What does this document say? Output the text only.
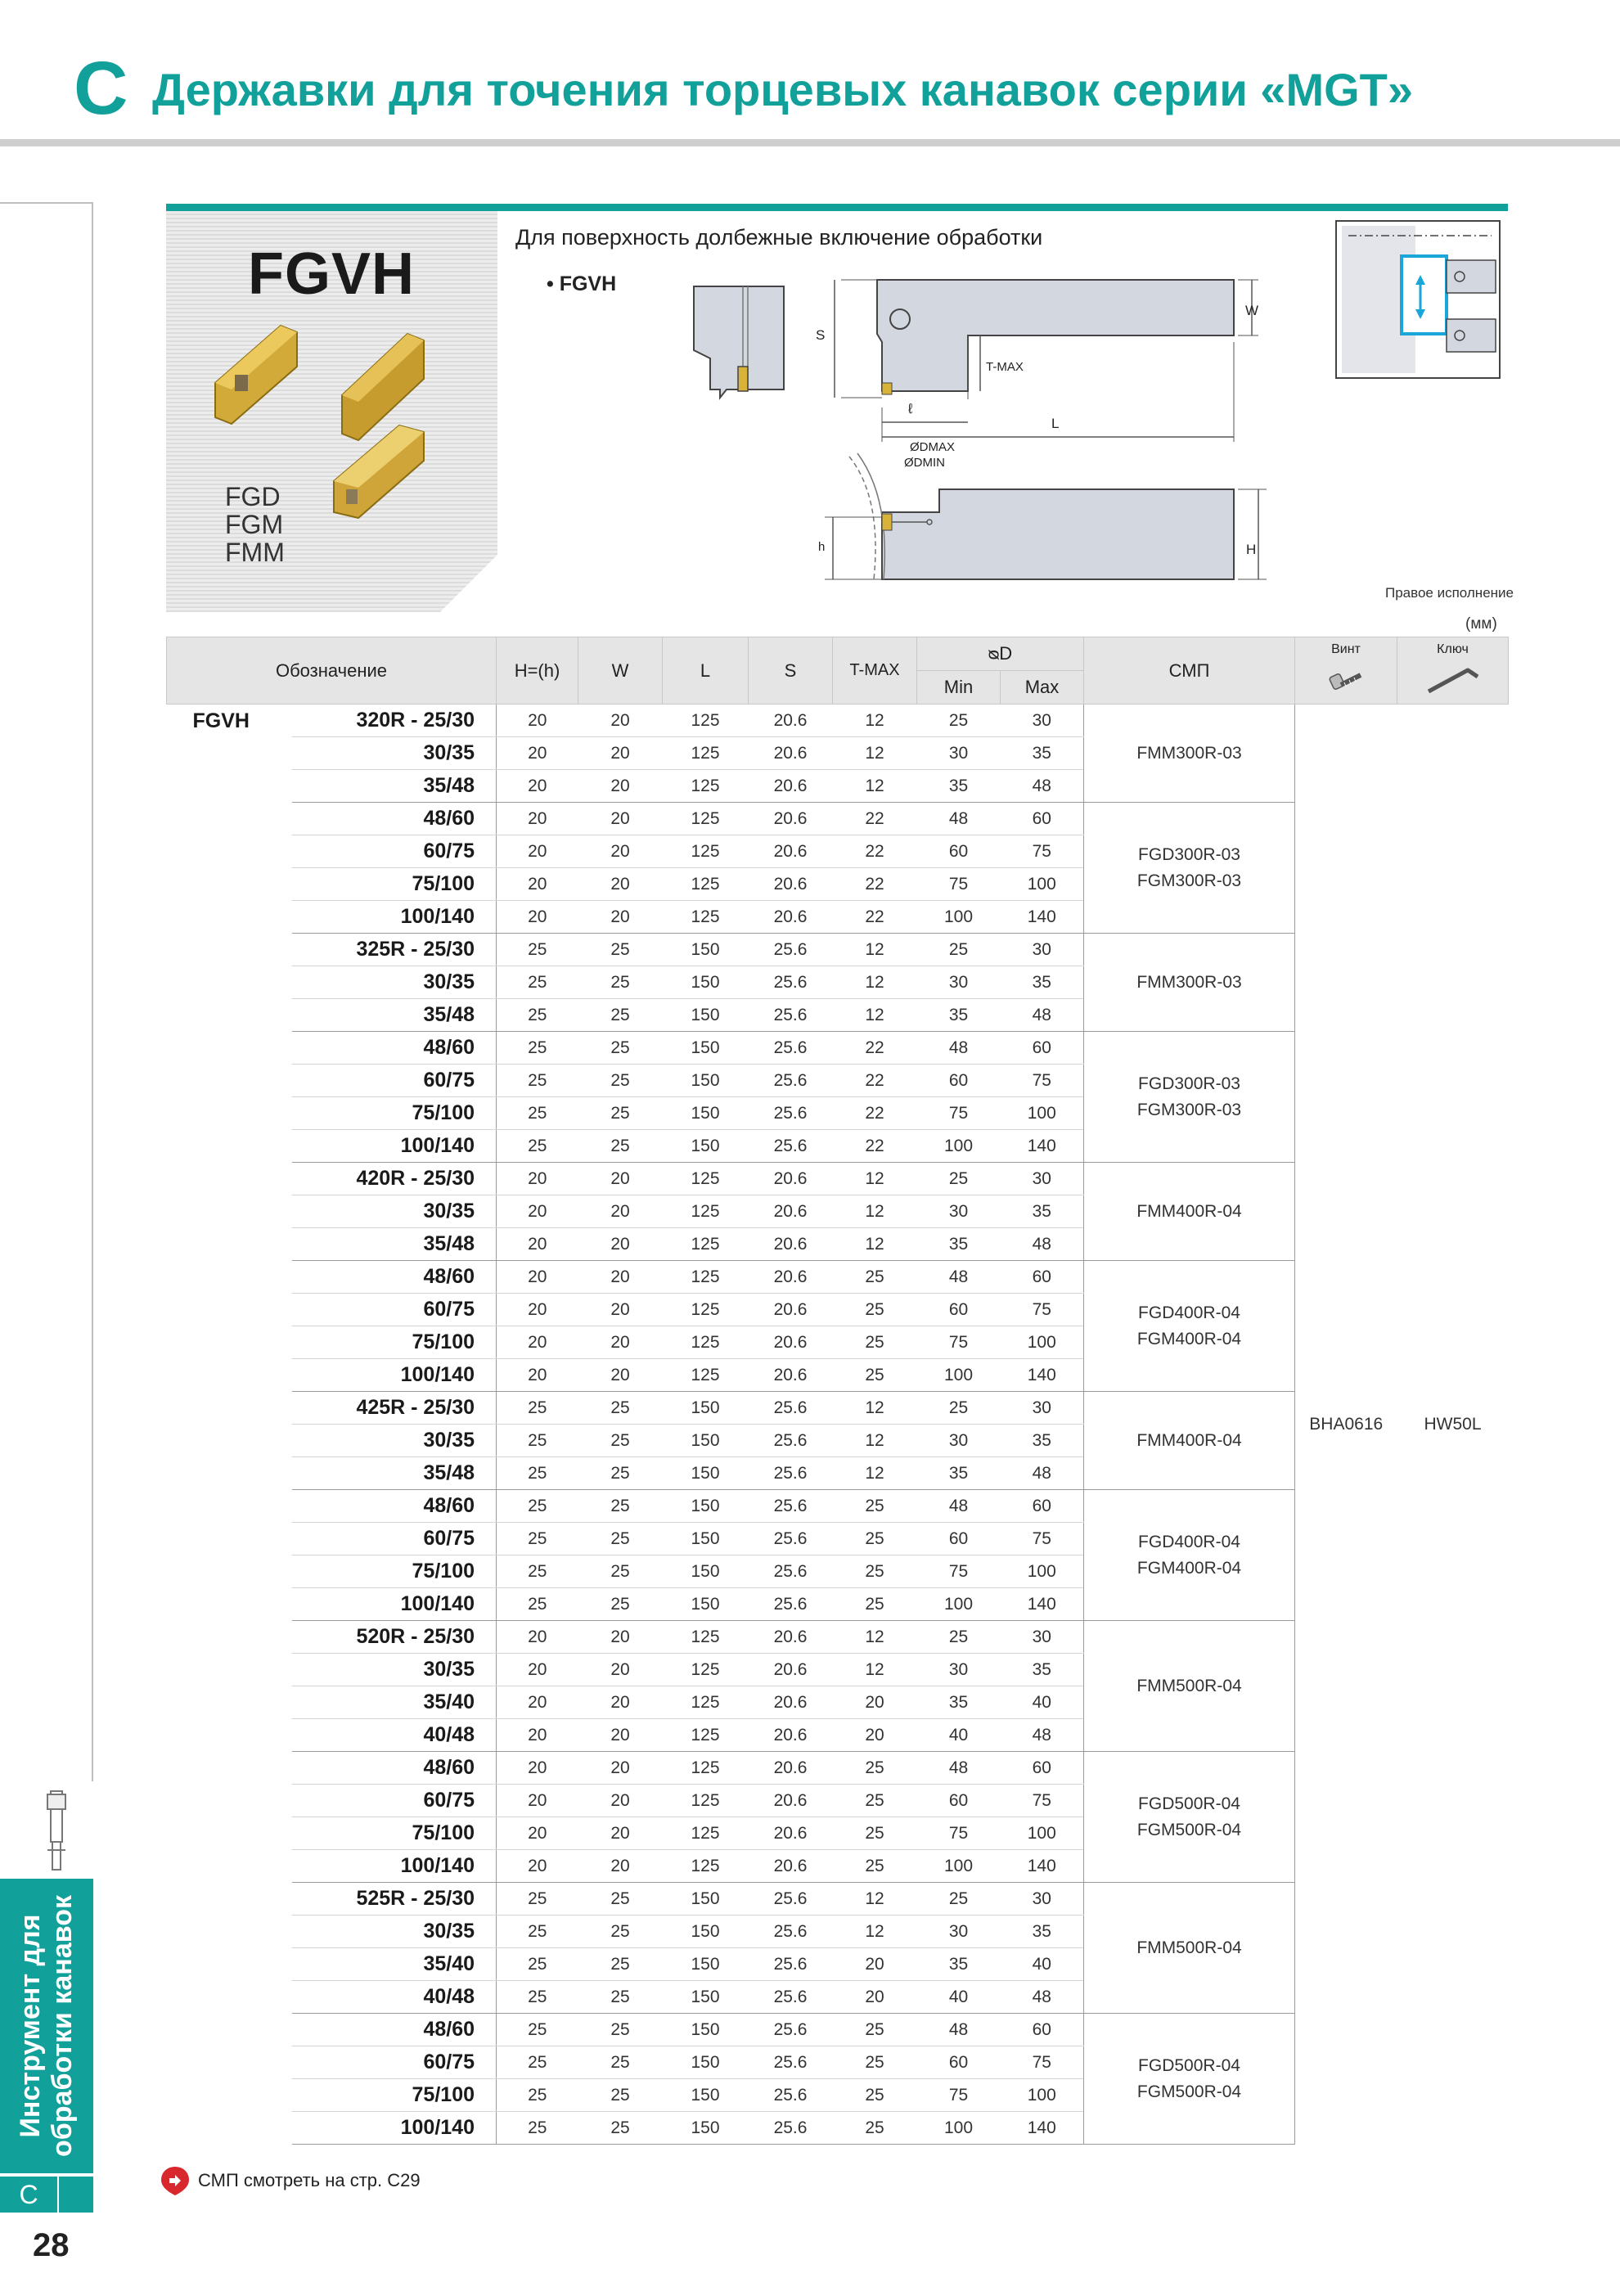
C Державки для точения торцевых канавок серии «MGT»
Инструмент для обработки канавок
C
28
FGVH
FGD
FGM
FMM
Для поверхность долбежные включение обработки
• FGVH
W
S
T-MAX
ℓ
L
ØDMAX
ØDMIN
h	H
Правое исполнение
(мм)
Обозначение		H=(h)	W	L	S	T-MAX	ᴓD		СМП	Винт	Ключ

							Min	Max			
FGVH	320R - 25/30	20	20	125	20.6	12	25	30	FMM300R-03	BHA0616	HW50L
	30/35	20	20	125	20.6	12	30	35			
	35/48	20	20	125	20.6	12	35	48			
	48/60	20	20	125	20.6	22	48	60	FGD300R-03
FGM300R-03		

	60/75	20	20	125	20.6	22	60	75			
	75/100	20	20	125	20.6	22	75	100			
	100/140	20	20	125	20.6	22	100	140			
	325R - 25/30	25	25	150	25.6	12	25	30	FMM300R-03		

	30/35	25	25	150	25.6	12	30	35			
	35/48	25	25	150	25.6	12	35	48			
	48/60	25	25	150	25.6	22	48	60	FGD300R-03
FGM300R-03		

	60/75	25	25	150	25.6	22	60	75			
	75/100	25	25	150	25.6	22	75	100			
	100/140	25	25	150	25.6	22	100	140			
	420R - 25/30	20	20	125	20.6	12	25	30	FMM400R-04		

	30/35	20	20	125	20.6	12	30	35			
	35/48	20	20	125	20.6	12	35	48			
	48/60	20	20	125	20.6	25	48	60	FGD400R-04
FGM400R-04		

	60/75	20	20	125	20.6	25	60	75			
	75/100	20	20	125	20.6	25	75	100			
	100/140	20	20	125	20.6	25	100	140			
	425R - 25/30	25	25	150	25.6	12	25	30	FMM400R-04		

	30/35	25	25	150	25.6	12	30	35			
	35/48	25	25	150	25.6	12	35	48			
	48/60	25	25	150	25.6	25	48	60	FGD400R-04
FGM400R-04		

	60/75	25	25	150	25.6	25	60	75			
	75/100	25	25	150	25.6	25	75	100			
	100/140	25	25	150	25.6	25	100	140			
	520R - 25/30	20	20	125	20.6	12	25	30	FMM500R-04		

	30/35	20	20	125	20.6	12	30	35			
	35/40	20	20	125	20.6	20	35	40			
	40/48	20	20	125	20.6	20	40	48			
	48/60	20	20	125	20.6	25	48	60	FGD500R-04
FGM500R-04		

	60/75	20	20	125	20.6	25	60	75			
	75/100	20	20	125	20.6	25	75	100			
	100/140	20	20	125	20.6	25	100	140			
	525R - 25/30	25	25	150	25.6	12	25	30	FMM500R-04		

	30/35	25	25	150	25.6	12	30	35			
	35/40	25	25	150	25.6	20	35	40			
	40/48	25	25	150	25.6	20	40	48			
	48/60	25	25	150	25.6	25	48	60	FGD500R-04
FGM500R-04		

	60/75	25	25	150	25.6	25	60	75			
	75/100	25	25	150	25.6	25	75	100			
	100/140	25	25	150	25.6	25	100	140			
СМП смотреть на стр. C29
